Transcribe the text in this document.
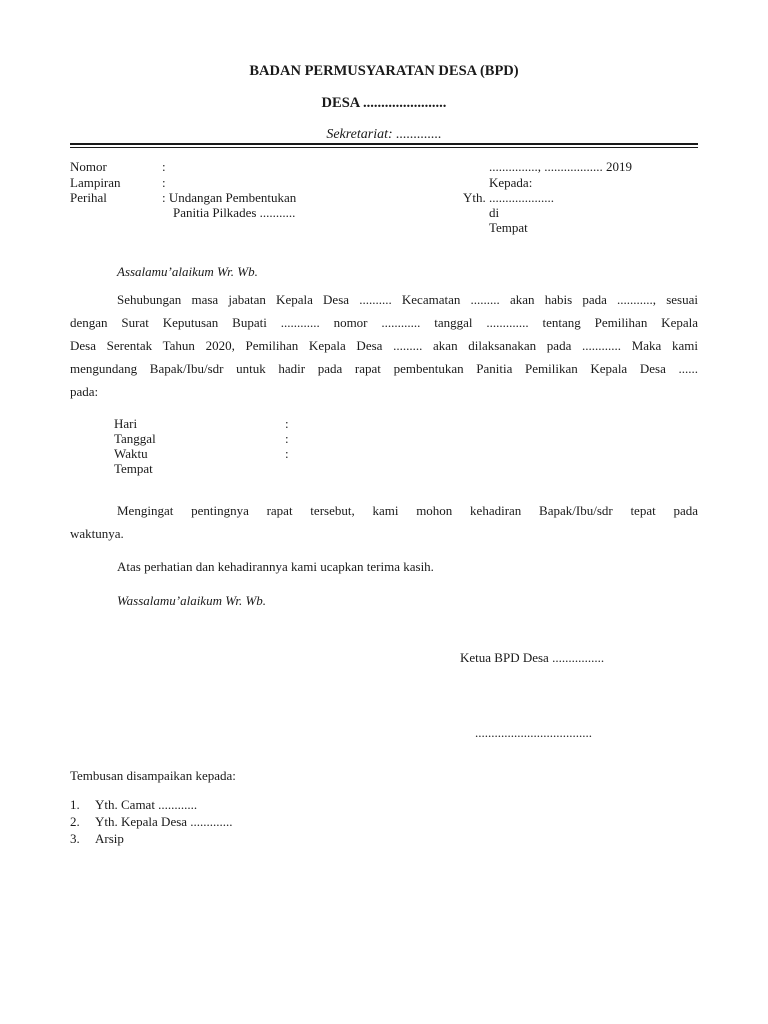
BADAN PERMUSYARATAN DESA (BPD)
DESA .......................
Sekretariat: .............
Nomor	:
Lampiran	:
Perihal	: Undangan Pembentukan
Panitia Pilkades ...........
..............., .................. 2019
Kepada:
Yth. ....................
di
Tempat
Assalamu’alaikum Wr. Wb.
Sehubungan masa jabatan Kepala Desa .......... Kecamatan ......... akan habis pada ..........., sesuai
dengan Surat Keputusan Bupati ............ nomor ............ tanggal ............. tentang Pemilihan Kepala
Desa Serentak Tahun 2020, Pemilihan Kepala Desa ......... akan dilaksanakan pada ............ Maka kami
mengundang Bapak/Ibu/sdr untuk hadir pada rapat pembentukan Panitia Pemilikan Kepala Desa ......
pada:
Hari	:
Tanggal	:
Waktu	:
Tempat
Mengingat pentingnya rapat tersebut, kami mohon kehadiran Bapak/Ibu/sdr tepat pada
waktunya.
Atas perhatian dan kehadirannya kami ucapkan terima kasih.
Wassalamu’alaikum Wr. Wb.
Ketua BPD Desa ................
....................................
Tembusan disampaikan kepada:
1. Yth. Camat ............
2. Yth. Kepala Desa .............
3. Arsip
